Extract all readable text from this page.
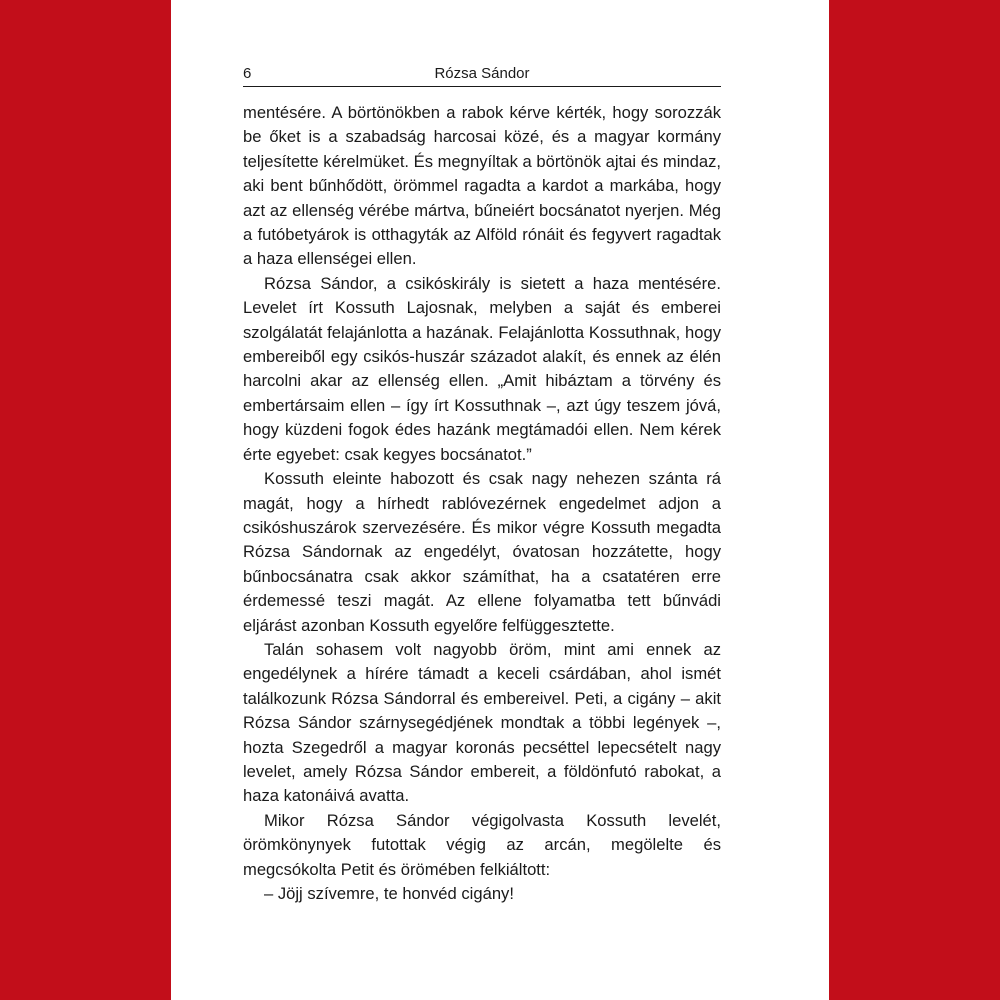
6	Rózsa Sándor

mentésére. A börtönökben a rabok kérve kérték, hogy sorozzák be őket is a szabadság harcosai közé, és a magyar kormány teljesítette kérelmüket. És megnyíltak a börtönök ajtai és mindaz, aki bent bűnhődött, örömmel ragadta a kardot a markába, hogy azt az ellenség vérébe mártva, bűneiért bocsánatot nyerjen. Még a futóbetyárok is otthagyták az Alföld rónáit és fegyvert ragadtak a haza ellenségei ellen.

Rózsa Sándor, a csikóskirály is sietett a haza mentésére. Levelet írt Kossuth Lajosnak, melyben a saját és emberei szolgálatát felajánlotta a hazának. Felajánlotta Kossuthnak, hogy embereiből egy csikós-huszár századot alakít, és ennek az élén harcolni akar az ellenség ellen. „Amit hibáztam a törvény és embertársaim ellen – így írt Kossuthnak –, azt úgy teszem jóvá, hogy küzdeni fogok édes hazánk megtámadói ellen. Nem kérek érte egyebet: csak kegyes bocsánatot.”

Kossuth eleinte habozott és csak nagy nehezen szánta rá magát, hogy a hírhedt rablóvezérnek engedelmet adjon a csikóshuszárok szervezésére. És mikor végre Kossuth megadta Rózsa Sándornak az engedélyt, óvatosan hozzátette, hogy bűnbocsánatra csak akkor számíthat, ha a csatatéren erre érdemessé teszi magát. Az ellene folyamatba tett bűnvádi eljárást azonban Kossuth egyelőre felfüggesztette.

Talán sohasem volt nagyobb öröm, mint ami ennek az engedélynek a hírére támadt a keceli csárdában, ahol ismét találkozunk Rózsa Sándorral és embereivel. Peti, a cigány – akit Rózsa Sándor szárnysegédjének mondtak a többi legények –, hozta Szegedről a magyar koronás pecséttel lepecsételt nagy levelet, amely Rózsa Sándor embereit, a földönfutó rabokat, a haza katonáivá avatta.

Mikor Rózsa Sándor végigolvasta Kossuth levelét, örömkönynyek futottak végig az arcán, megölelte és megcsókolta Petit és örömében felkiáltott:

– Jöjj szívemre, te honvéd cigány!
